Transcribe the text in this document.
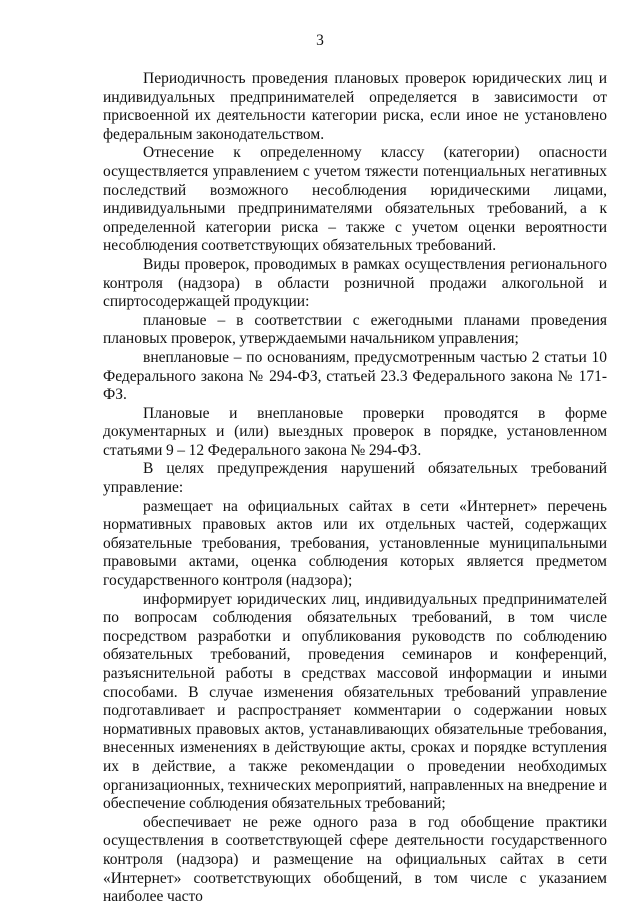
3

Периодичность проведения плановых проверок юридических лиц и индивидуальных предпринимателей определяется в зависимости от присвоенной их деятельности категории риска, если иное не установлено федеральным законодательством.

Отнесение к определенному классу (категории) опасности осуществляется управлением с учетом тяжести потенциальных негативных последствий возможного несоблюдения юридическими лицами, индивидуальными предпринимателями обязательных требований, а к определенной категории риска – также с учетом оценки вероятности несоблюдения соответствующих обязательных требований.

Виды проверок, проводимых в рамках осуществления регионального контроля (надзора) в области розничной продажи алкогольной и спиртосодержащей продукции:

плановые – в соответствии с ежегодными планами проведения плановых проверок, утверждаемыми начальником управления;

внеплановые – по основаниям, предусмотренным частью 2 статьи 10 Федерального закона № 294-ФЗ, статьей 23.3 Федерального закона № 171-ФЗ.

Плановые и внеплановые проверки проводятся в форме документарных и (или) выездных проверок в порядке, установленном статьями 9 – 12 Федерального закона № 294-ФЗ.

В целях предупреждения нарушений обязательных требований управление:

размещает на официальных сайтах в сети «Интернет» перечень нормативных правовых актов или их отдельных частей, содержащих обязательные требования, требования, установленные муниципальными правовыми актами, оценка соблюдения которых является предметом государственного контроля (надзора);

информирует юридических лиц, индивидуальных предпринимателей по вопросам соблюдения обязательных требований, в том числе посредством разработки и опубликования руководств по соблюдению обязательных требований, проведения семинаров и конференций, разъяснительной работы в средствах массовой информации и иными способами. В случае изменения обязательных требований управление подготавливает и распространяет комментарии о содержании новых нормативных правовых актов, устанавливающих обязательные требования, внесенных изменениях в действующие акты, сроках и порядке вступления их в действие, а также рекомендации о проведении необходимых организационных, технических мероприятий, направленных на внедрение и обеспечение соблюдения обязательных требований;

обеспечивает не реже одного раза в год обобщение практики осуществления в соответствующей сфере деятельности государственного контроля (надзора) и размещение на официальных сайтах в сети «Интернет» соответствующих обобщений, в том числе с указанием наиболее часто
